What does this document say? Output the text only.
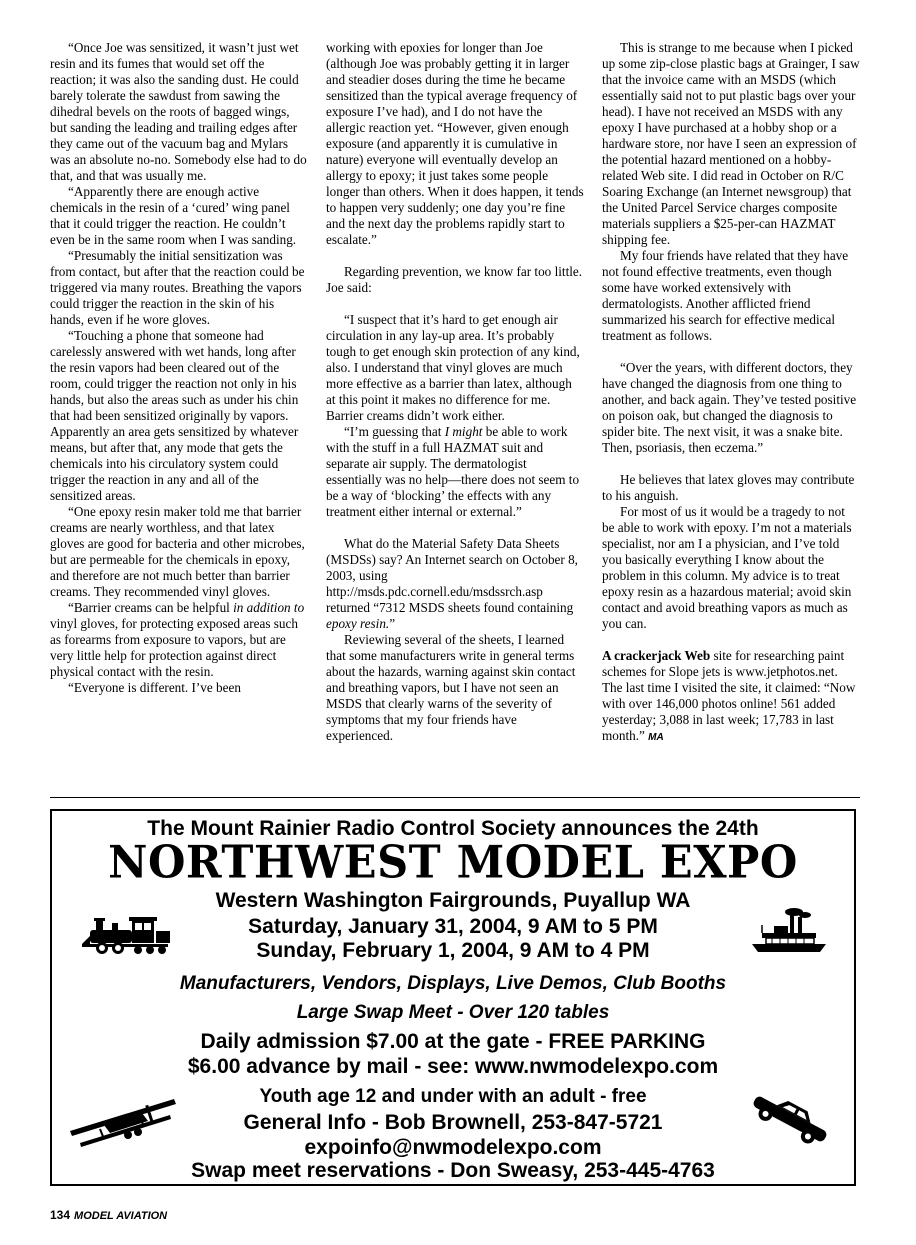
“Once Joe was sensitized, it wasn’t just wet resin and its fumes that would set off the reaction; it was also the sanding dust. He could barely tolerate the sawdust from sawing the dihedral bevels on the roots of bagged wings, but sanding the leading and trailing edges after they came out of the vacuum bag and Mylars was an absolute no-no. Somebody else had to do that, and that was usually me.

“Apparently there are enough active chemicals in the resin of a ‘cured’ wing panel that it could trigger the reaction. He couldn’t even be in the same room when I was sanding.

“Presumably the initial sensitization was from contact, but after that the reaction could be triggered via many routes. Breathing the vapors could trigger the reaction in the skin of his hands, even if he wore gloves.

“Touching a phone that someone had carelessly answered with wet hands, long after the resin vapors had been cleared out of the room, could trigger the reaction not only in his hands, but also the areas such as under his chin that had been sensitized originally by vapors. Apparently an area gets sensitized by whatever means, but after that, any mode that gets the chemicals into his circulatory system could trigger the reaction in any and all of the sensitized areas.

“One epoxy resin maker told me that barrier creams are nearly worthless, and that latex gloves are good for bacteria and other microbes, but are permeable for the chemicals in epoxy, and therefore are not much better than barrier creams. They recommended vinyl gloves.

“Barrier creams can be helpful in addition to vinyl gloves, for protecting exposed areas such as forearms from exposure to vapors, but are very little help for protection against direct physical contact with the resin.

“Everyone is different. I’ve been

working with epoxies for longer than Joe (although Joe was probably getting it in larger and steadier doses during the time he became sensitized than the typical average frequency of exposure I’ve had), and I do not have the allergic reaction yet. “However, given enough exposure (and apparently it is cumulative in nature) everyone will eventually develop an allergy to epoxy; it just takes some people longer than others. When it does happen, it tends to happen very suddenly; one day you’re fine and the next day the problems rapidly start to escalate.”

Regarding prevention, we know far too little. Joe said:

“I suspect that it’s hard to get enough air circulation in any lay-up area. It’s probably tough to get enough skin protection of any kind, also. I understand that vinyl gloves are much more effective as a barrier than latex, although at this point it makes no difference for me. Barrier creams didn’t work either.

“I’m guessing that I might be able to work with the stuff in a full HAZMAT suit and separate air supply. The dermatologist essentially was no help—there does not seem to be a way of ‘blocking’ the effects with any treatment either internal or external.”

What do the Material Safety Data Sheets (MSDSs) say? An Internet search on October 8, 2003, using http://msds.pdc.cornell.edu/msdssrch.asp returned “7312 MSDS sheets found containing epoxy resin.”

Reviewing several of the sheets, I learned that some manufacturers write in general terms about the hazards, warning against skin contact and breathing vapors, but I have not seen an MSDS that clearly warns of the severity of symptoms that my four friends have experienced.

This is strange to me because when I picked up some zip-close plastic bags at Grainger, I saw that the invoice came with an MSDS (which essentially said not to put plastic bags over your head). I have not received an MSDS with any epoxy I have purchased at a hobby shop or a hardware store, nor have I seen an expression of the potential hazard mentioned on a hobby-related Web site. I did read in October on R/C Soaring Exchange (an Internet newsgroup) that the United Parcel Service charges composite materials suppliers a $25-per-can HAZMAT shipping fee.

My four friends have related that they have not found effective treatments, even though some have worked extensively with dermatologists. Another afflicted friend summarized his search for effective medical treatment as follows.

“Over the years, with different doctors, they have changed the diagnosis from one thing to another, and back again. They’ve tested positive on poison oak, but changed the diagnosis to spider bite. The next visit, it was a snake bite. Then, psoriasis, then eczema.”

He believes that latex gloves may contribute to his anguish.

For most of us it would be a tragedy to not be able to work with epoxy. I’m not a materials specialist, nor am I a physician, and I’ve told you basically everything I know about the problem in this column. My advice is to treat epoxy resin as a hazardous material; avoid skin contact and avoid breathing vapors as much as you can.

A crackerjack Web site for researching paint schemes for Slope jets is www.jetphotos.net. The last time I visited the site, it claimed: “Now with over 146,000 photos online! 561 added yesterday; 3,088 in last week; 17,783 in last month.” MA

The Mount Rainier Radio Control Society announces the 24th
NORTHWEST MODEL EXPO
Western Washington Fairgrounds, Puyallup WA
Saturday, January 31, 2004, 9 AM to 5 PM
Sunday, February 1, 2004, 9 AM to 4 PM
Manufacturers, Vendors, Displays, Live Demos, Club Booths
Large Swap Meet - Over 120 tables
Daily admission $7.00 at the gate - FREE PARKING
$6.00 advance by mail - see: www.nwmodelexpo.com
Youth age 12 and under with an adult - free
General Info - Bob Brownell, 253-847-5721
expoinfo@nwmodelexpo.com
Swap meet reservations - Don Sweasy, 253-445-4763
134 MODEL AVIATION
